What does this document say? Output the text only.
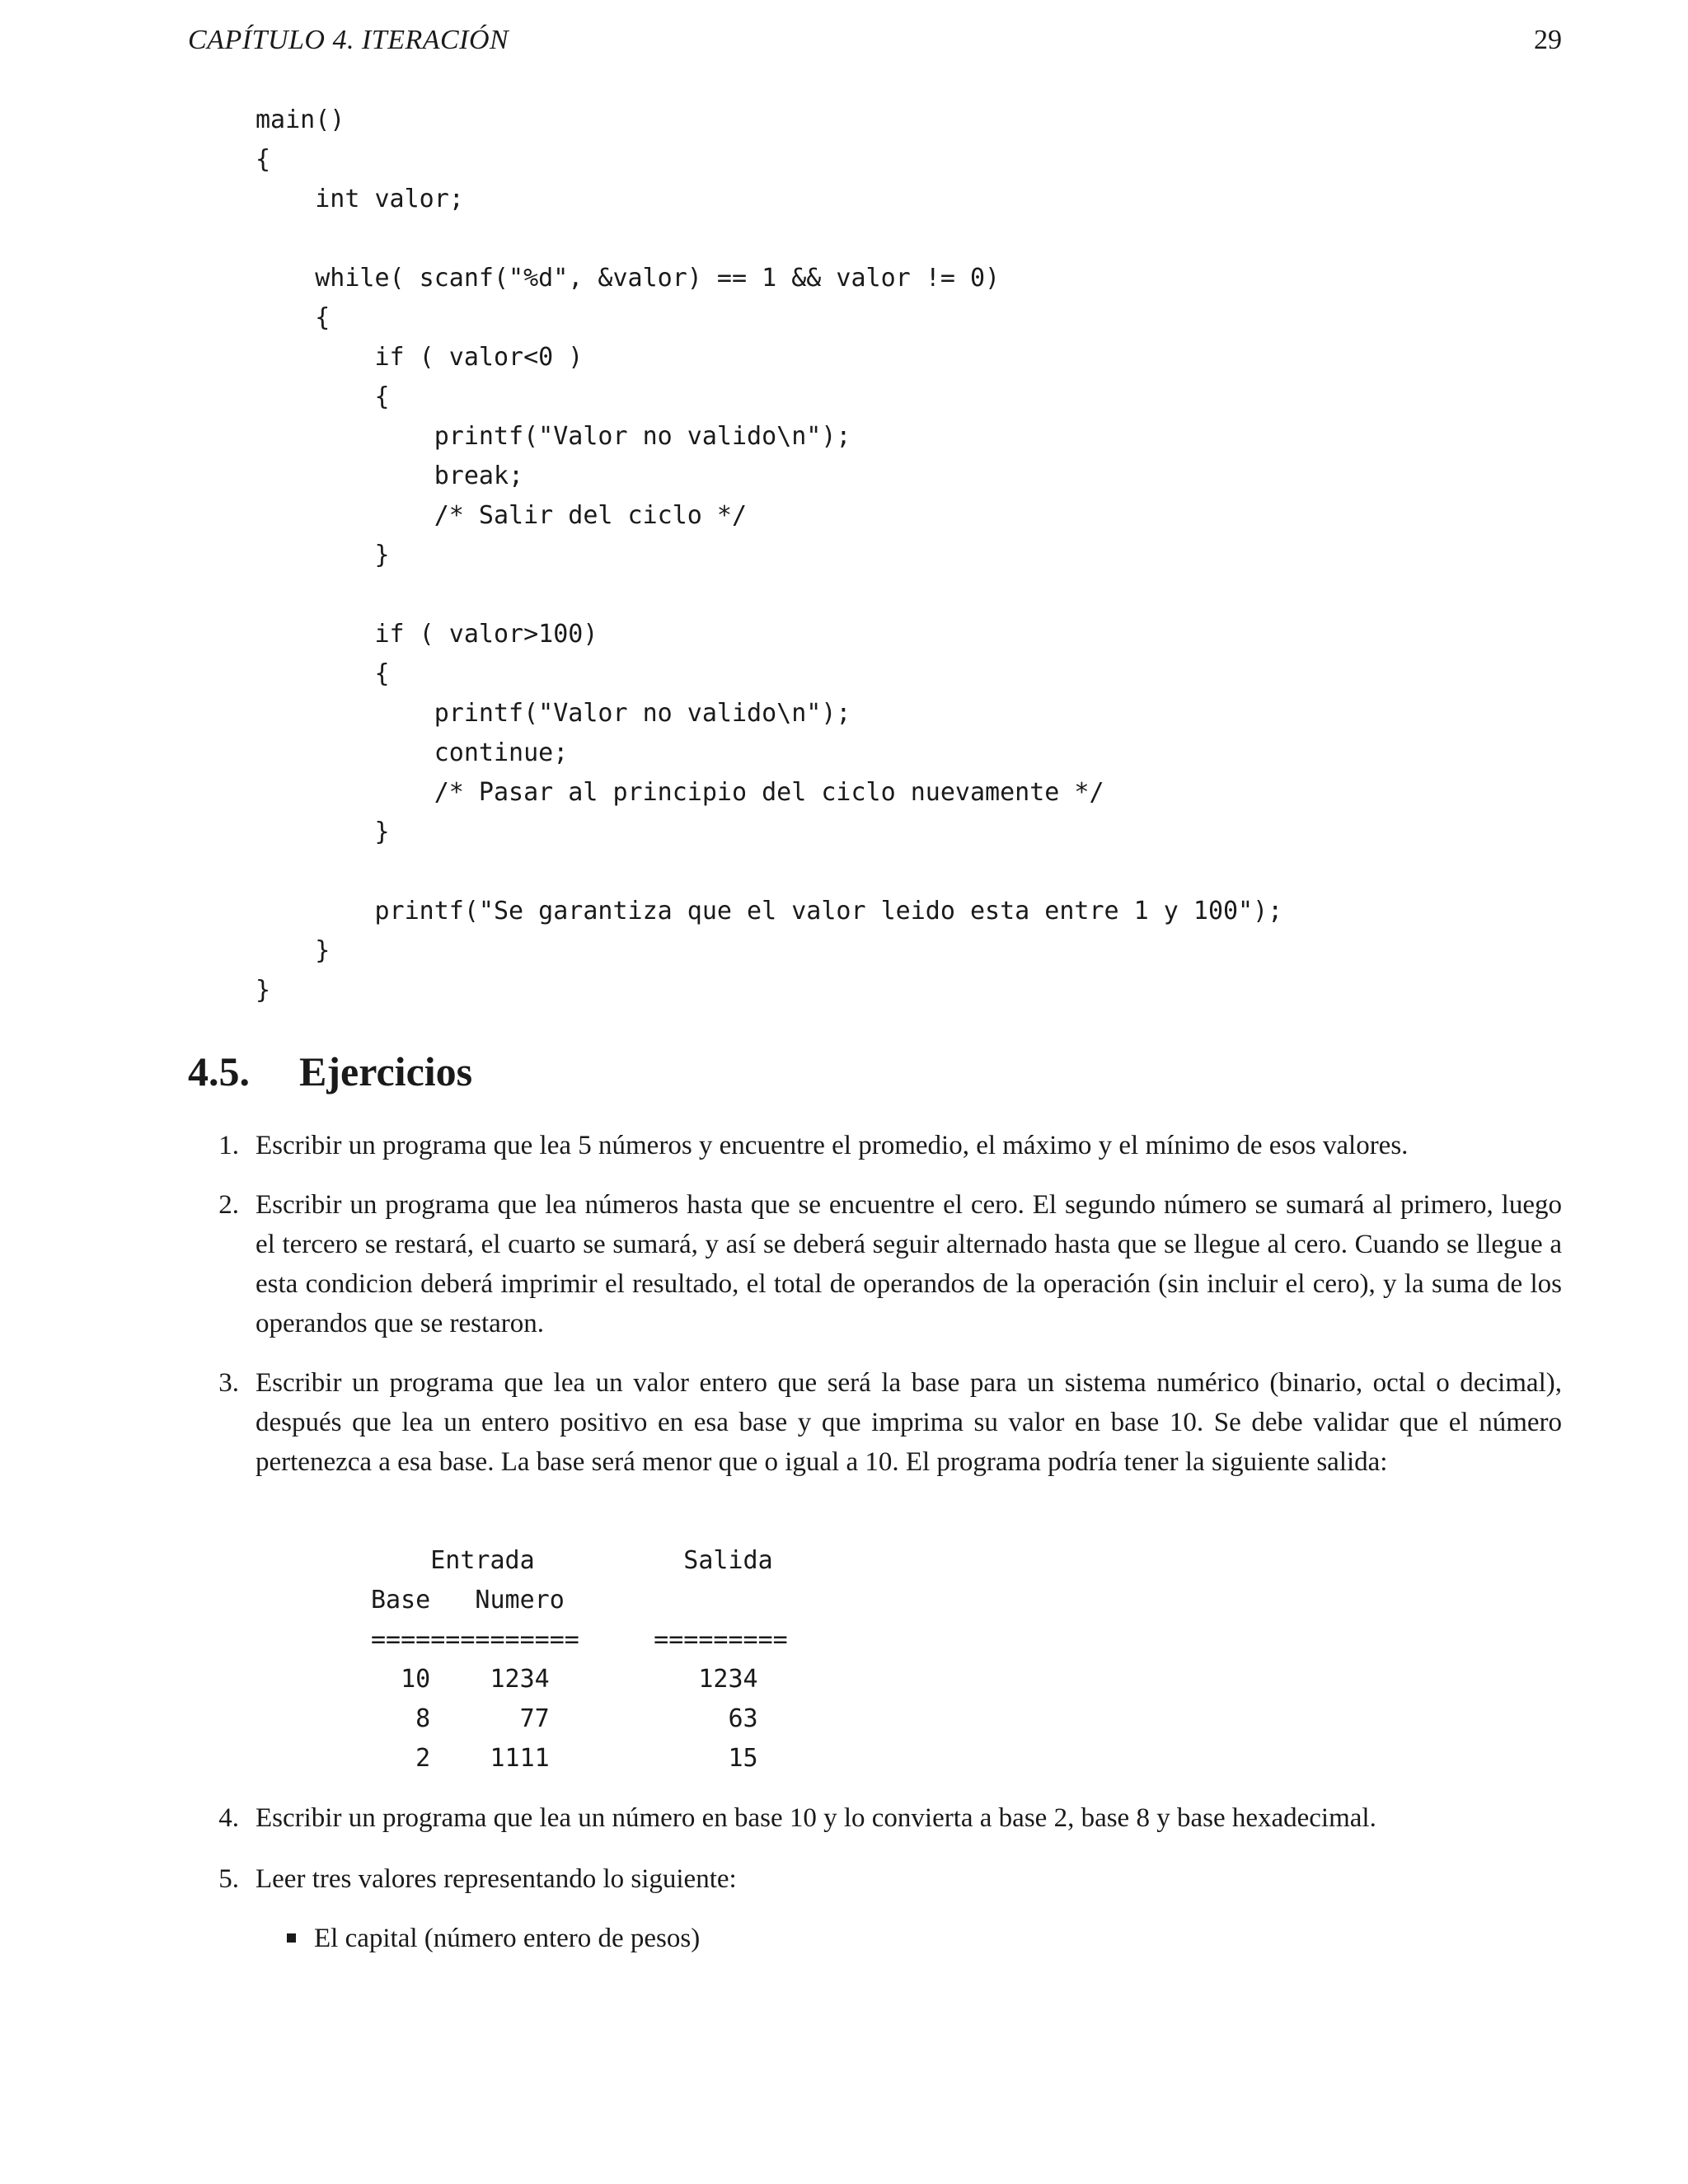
CAPÍTULO 4. ITERACIÓN	29
main()
{
int valor;
while( scanf("%d", &valor) == 1 && valor != 0)
{
if ( valor<0 )
{
printf("Valor no valido\n");
break;
/* Salir del ciclo */
}
if ( valor>100)
{
printf("Valor no valido\n");
continue;
/* Pasar al principio del ciclo nuevamente */
}
printf("Se garantiza que el valor leido esta entre 1 y 100");
}
}
4.5. Ejercicios
1. Escribir un programa que lea 5 números y encuentre el promedio, el máximo y el mínimo de esos valores.
2. Escribir un programa que lea números hasta que se encuentre el cero. El segundo número se sumará al primero, luego el tercero se restará, el cuarto se sumará, y así se deberá seguir alternado hasta que se llegue al cero. Cuando se llegue a esta condicion deberá imprimir el resultado, el total de operandos de la operación (sin incluir el cero), y la suma de los operandos que se restaron.
3. Escribir un programa que lea un valor entero que será la base para un sistema numérico (binario, octal o decimal), después que lea un entero positivo en esa base y que imprima su valor en base 10. Se debe validar que el número pertenezca a esa base. La base será menor que o igual a 10. El programa podría tener la siguiente salida:
Entrada          Salida
Base   Numero
==============     =========
10    1234          1234
8      77            63
2    1111            15
4. Escribir un programa que lea un número en base 10 y lo convierta a base 2, base 8 y base hexadecimal.
5. Leer tres valores representando lo siguiente:
El capital (número entero de pesos)
